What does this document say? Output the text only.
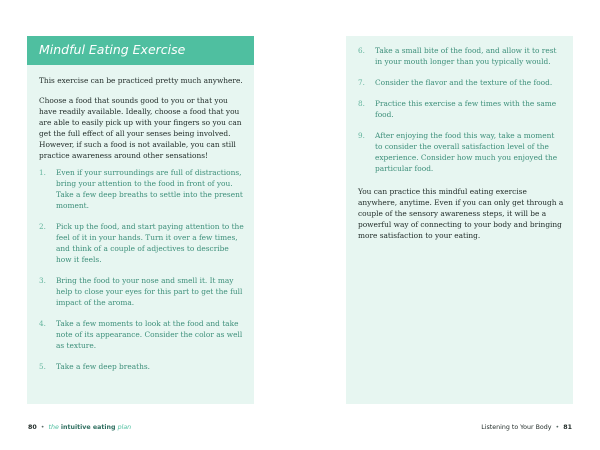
Mindful Eating Exercise

This exercise can be practiced pretty much anywhere.

Choose a food that sounds good to you or that you have readily available. Ideally, choose a food that you are able to easily pick up with your fingers so you can get the full effect of all your senses being involved. However, if such a food is not available, you can still practice awareness around other sensations!

1. Even if your surroundings are full of distractions, bring your attention to the food in front of you. Take a few deep breaths to settle into the present moment.
2. Pick up the food, and start paying attention to the feel of it in your hands. Turn it over a few times, and think of a couple of adjectives to describe how it feels.
3. Bring the food to your nose and smell it. It may help to close your eyes for this part to get the full impact of the aroma.
4. Take a few moments to look at the food and take note of its appearance. Consider the color as well as texture.
5. Take a few deep breaths.
80 • the intuitive eating plan
6. Take a small bite of the food, and allow it to rest in your mouth longer than you typically would.
7. Consider the flavor and the texture of the food.
8. Practice this exercise a few times with the same food.
9. After enjoying the food this way, take a moment to consider the overall satisfaction level of the experience. Consider how much you enjoyed the particular food.

You can practice this mindful eating exercise anywhere, anytime. Even if you can only get through a couple of the sensory awareness steps, it will be a powerful way of connecting to your body and bringing more satisfaction to your eating.

Listening to Your Body • 81
